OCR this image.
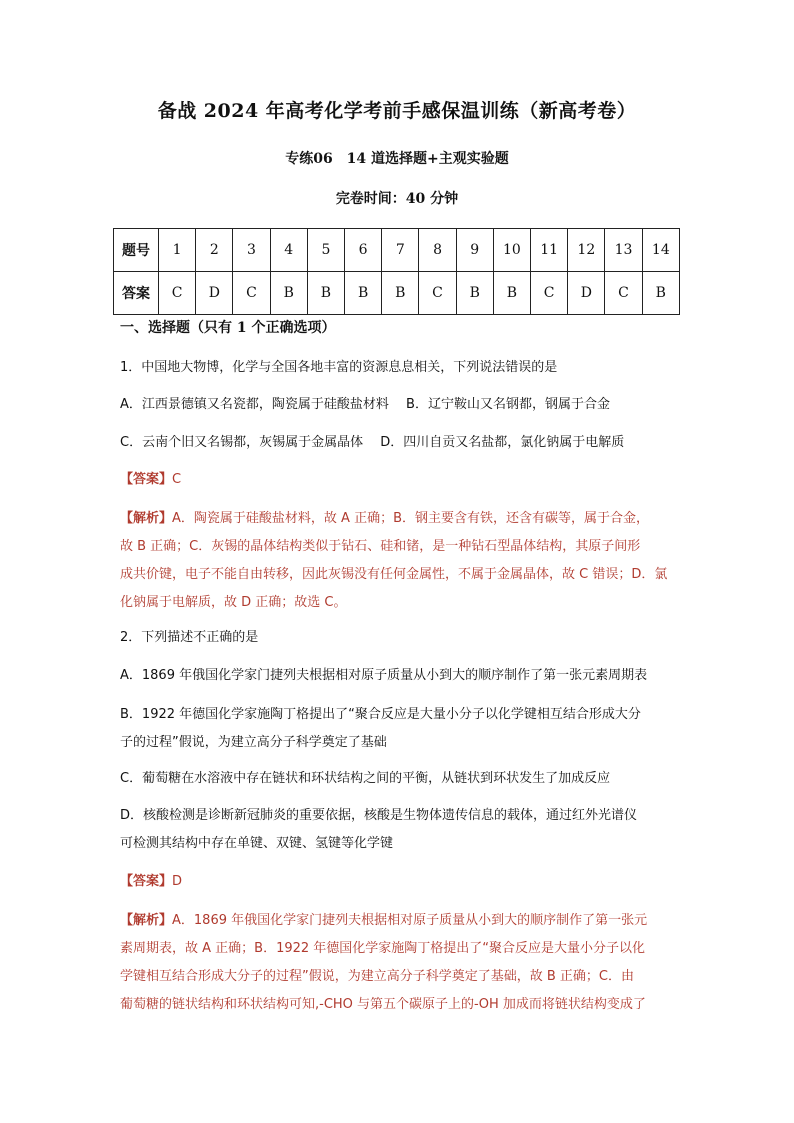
备战 2024 年高考化学考前手感保温训练（新高考卷）
专练06　14 道选择题+主观实验题
完卷时间：40 分钟
题号	1	2	3	4	5	6	7	8	9	10	11	12	13	14
答案	C	D	C	B	B	B	B	C	B	B	C	D	C	B
一、选择题（只有 1 个正确选项）
1．中国地大物博，化学与全国各地丰富的资源息息相关，下列说法错误的是
A．江西景德镇又名瓷都，陶瓷属于硅酸盐材料　 B．辽宁鞍山又名钢都，钢属于合金
C．云南个旧又名锡都，灰锡属于金属晶体　 D．四川自贡又名盐都，氯化钠属于电解质
【答案】C
【解析】A．陶瓷属于硅酸盐材料，故 A 正确；B．钢主要含有铁，还含有碳等，属于合金，
故 B 正确；C．灰锡的晶体结构类似于钻石、硅和锗，是一种钻石型晶体结构，其原子间形
成共价键，电子不能自由转移，因此灰锡没有任何金属性，不属于金属晶体，故 C 错误；D．氯
化钠属于电解质，故 D 正确；故选 C。
2．下列描述不正确的是
A．1869 年俄国化学家门捷列夫根据相对原子质量从小到大的顺序制作了第一张元素周期表
B．1922 年德国化学家施陶丁格提出了“聚合反应是大量小分子以化学键相互结合形成大分
子的过程”假说，为建立高分子科学奠定了基础
C．葡萄糖在水溶液中存在链状和环状结构之间的平衡，从链状到环状发生了加成反应
D．核酸检测是诊断新冠肺炎的重要依据，核酸是生物体遗传信息的载体，通过红外光谱仪
可检测其结构中存在单键、双键、氢键等化学键
【答案】D
【解析】A．1869 年俄国化学家门捷列夫根据相对原子质量从小到大的顺序制作了第一张元
素周期表，故 A 正确；B．1922 年德国化学家施陶丁格提出了“聚合反应是大量小分子以化
学键相互结合形成大分子的过程”假说，为建立高分子科学奠定了基础，故 B 正确；C．由
葡萄糖的链状结构和环状结构可知,-CHO 与第五个碳原子上的-OH 加成而将链状结构变成了
